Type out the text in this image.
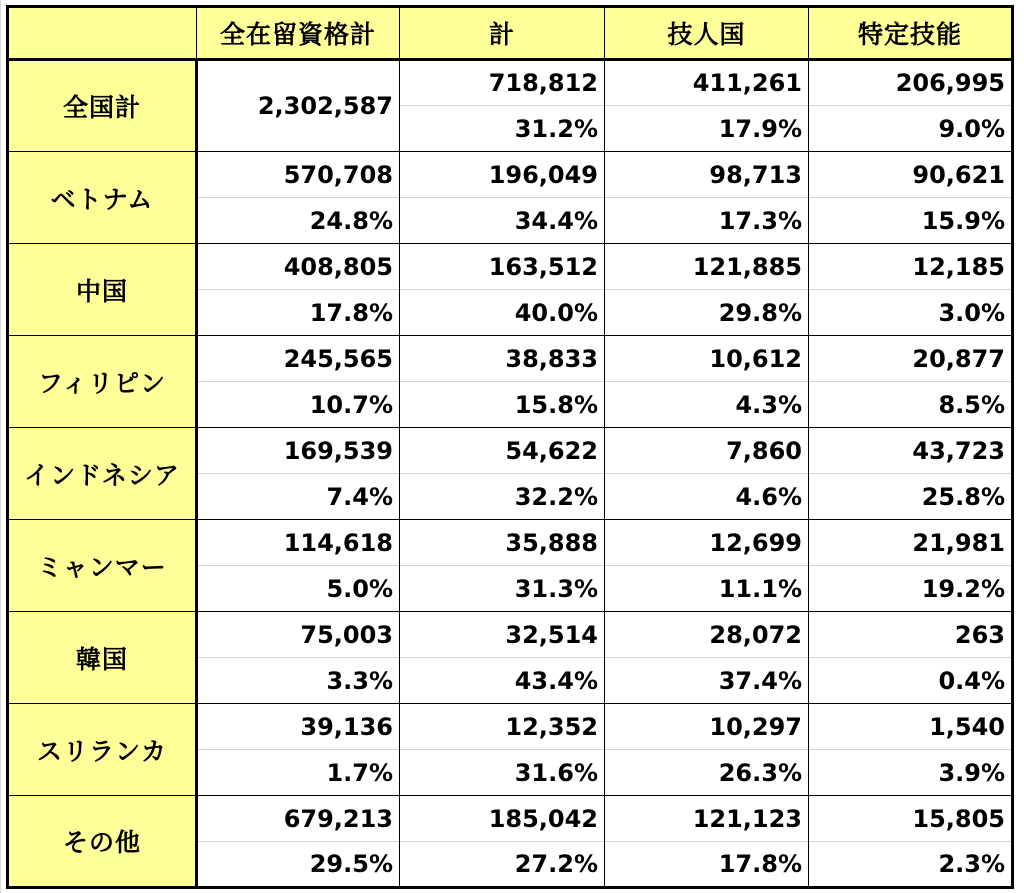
	全在留資格計	計	技人国	特定技能
全国計	2,302,587	718,812	411,261	206,995
		31.2%	17.9%	9.0%
ベトナム	570,708	196,049	98,713	90,621
	24.8%	34.4%	17.3%	15.9%
中国	408,805	163,512	121,885	12,185
	17.8%	40.0%	29.8%	3.0%
フィリピン	245,565	38,833	10,612	20,877
	10.7%	15.8%	4.3%	8.5%
インドネシア	169,539	54,622	7,860	43,723
	7.4%	32.2%	4.6%	25.8%
ミャンマー	114,618	35,888	12,699	21,981
	5.0%	31.3%	11.1%	19.2%
韓国	75,003	32,514	28,072	263
	3.3%	43.4%	37.4%	0.4%
スリランカ	39,136	12,352	10,297	1,540
	1.7%	31.6%	26.3%	3.9%
その他	679,213	185,042	121,123	15,805
	29.5%	27.2%	17.8%	2.3%
